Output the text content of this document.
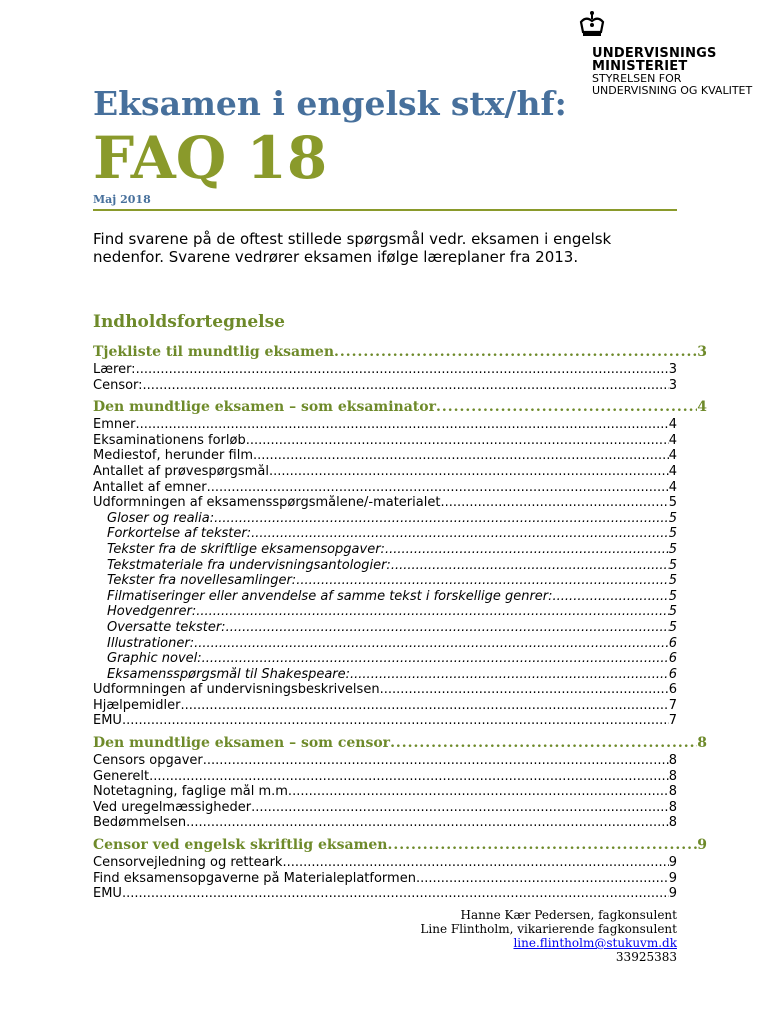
UNDERVISNINGS
MINISTERIET
STYRELSEN FOR
UNDERVISNING OG KVALITET
Eksamen i engelsk stx/hf:
FAQ 18
Maj 2018
Find svarene på de oftest stillede spørgsmål vedr. eksamen i engelsk nedenfor. Svarene vedrører eksamen ifølge læreplaner fra 2013.
Indholdsfortegnelse
Tjekliste til mundtlig eksamen .....	3
Lærer: .....	3
Censor: .....	3
Den mundtlige eksamen – som eksaminator .....	4
Emner .....	4
Eksaminationens forløb .....	4
Mediestof, herunder film .....	4
Antallet af prøvespørgsmål .....	4
Antallet af emner .....	4
Udformningen af eksamensspørgsmålene/-materialet .....	5
Gloser og realia: .....	5
Forkortelse af tekster: .....	5
Tekster fra de skriftlige eksamensopgaver: .....	5
Tekstmateriale fra undervisningsantologier: .....	5
Tekster fra novellesamlinger: .....	5
Filmatiseringer eller anvendelse af samme tekst i forskellige genrer: .....	5
Hovedgenrer: .....	5
Oversatte tekster: .....	5
Illustrationer: .....	6
Graphic novel: .....	6
Eksamensspørgsmål til Shakespeare: .....	6
Udformningen af undervisningsbeskrivelsen .....	6
Hjælpemidler .....	7
EMU .....	7
Den mundtlige eksamen – som censor .....	8
Censors opgaver .....	8
Generelt .....	8
Notetagning, faglige mål m.m. .....	8
Ved uregelmæssigheder .....	8
Bedømmelsen .....	8
Censor ved engelsk skriftlig eksamen .....	9
Censorvejledning og retteark .....	9
Find eksamensopgaverne på Materialeplatformen .....	9
EMU .....	9
Hanne Kær Pedersen, fagkonsulent
Line Flintholm, vikarierende fagkonsulent
line.flintholm@stukuvm.dk
33925383
